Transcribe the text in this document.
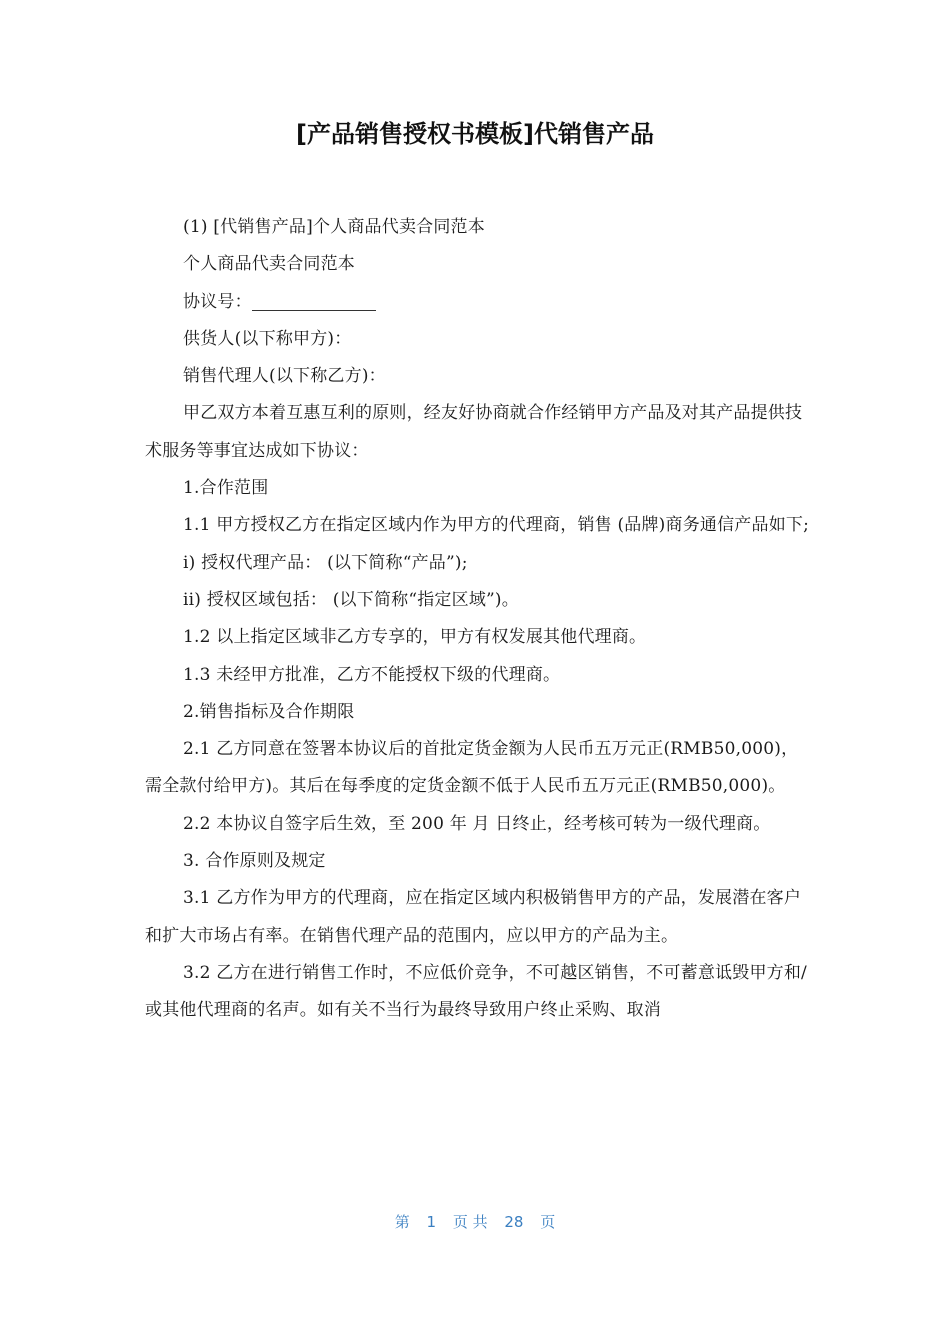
[产品销售授权书模板]代销售产品

(1) [代销售产品]个人商品代卖合同范本

个人商品代卖合同范本

协议号：

供货人(以下称甲方)：

销售代理人(以下称乙方)：

甲乙双方本着互惠互利的原则，经友好协商就合作经销甲方产品及对其产品提供技术服务等事宜达成如下协议：

1.合作范围

1.1 甲方授权乙方在指定区域内作为甲方的代理商，销售 (品牌)商务通信产品如下;

i) 授权代理产品： (以下简称“产品”);

ii) 授权区域包括： (以下简称“指定区域”)。

1.2 以上指定区域非乙方专享的，甲方有权发展其他代理商。

1.3 未经甲方批准，乙方不能授权下级的代理商。

2.销售指标及合作期限

2.1 乙方同意在签署本协议后的首批定货金额为人民币五万元正(RMB50,000)，需全款付给甲方)。其后在每季度的定货金额不低于人民币五万元正(RMB50,000)。

2.2 本协议自签字后生效，至 200 年 月 日终止，经考核可转为一级代理商。

3. 合作原则及规定

3.1 乙方作为甲方的代理商，应在指定区域内积极销售甲方的产品，发展潜在客户和扩大市场占有率。在销售代理产品的范围内，应以甲方的产品为主。

3.2 乙方在进行销售工作时，不应低价竞争，不可越区销售，不可蓄意诋毁甲方和/或其他代理商的名声。如有关不当行为最终导致用户终止采购、取消

第 1 页 共 28 页
